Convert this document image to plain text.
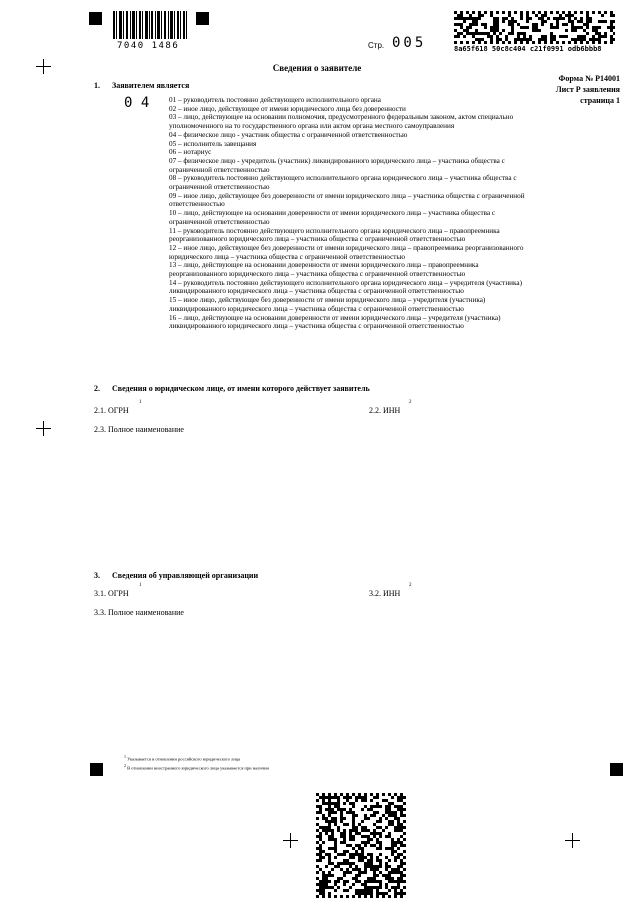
7040 1486	Стр. 005	8a65f618 50c8c404 c21f0991 odb6bbb8
Сведения о заявителе
Форма № Р14001
Лист Р заявления
страница 1
1. Заявителем является
0 4	01 – руководитель постоянно действующего исполнительного органа
02 – иное лицо, действующее от имени юридического лица без доверенности
03 – лицо, действующее на основании полномочия, предусмотренного федеральным законом, актом специально
уполномоченного на то государственного органа или актом органа местного самоуправления
04 – физическое лицо - участник общества с ограниченной ответственностью
05 – исполнитель завещания
06 – нотариус
07 – физическое лицо - учредитель (участник) ликвидированного юридического лица – участника общества с
ограниченной ответственностью
08 – руководитель постоянно действующего исполнительного органа юридического лица – участника общества с
ограниченной ответственностью
09 – иное лицо, действующее без доверенности от имени юридического лица – участника общества с ограниченной
ответственностью
10 – лицо, действующее на основании доверенности от имени юридического лица – участника общества с
ограниченной ответственностью
11 – руководитель постоянно действующего исполнительного органа юридического лица – правопреемника
реорганизованного юридического лица – участника общества с ограниченной ответственностью
12 – иное лицо, действующее без доверенности от имени юридического лица – правопреемника реорганизованного
юридического лица – участника общества с ограниченной ответственностью
13 – лицо, действующее на основании доверенности от имени юридического лица – правопреемника
реорганизованного юридического лица – участника общества с ограниченной ответственностью
14 – руководитель постоянно действующего исполнительного органа юридического лица – учредителя (участника)
ликвидированного юридического лица – участника общества с ограниченной ответственностью
15 – иное лицо, действующее без доверенности от имени юридического лица – учредителя (участника)
ликвидированного юридического лица – участника общества с ограниченной ответственностью
16 – лицо, действующее на основании доверенности от имени юридического лица – учредителя (участника)
ликвидированного юридического лица – участника общества с ограниченной ответственностью
2. Сведения о юридическом лице, от имени которого действует заявитель
2.1. ОГРН
1
2.2. ИНН
2
2.3. Полное наименование
3. Сведения об управляющей организации
3.1. ОГРН
1
3.2. ИНН
2
3.3. Полное наименование
1 Указывается в отношении российского юридического лица
2 В отношении иностранного юридического лица указывается при наличии
